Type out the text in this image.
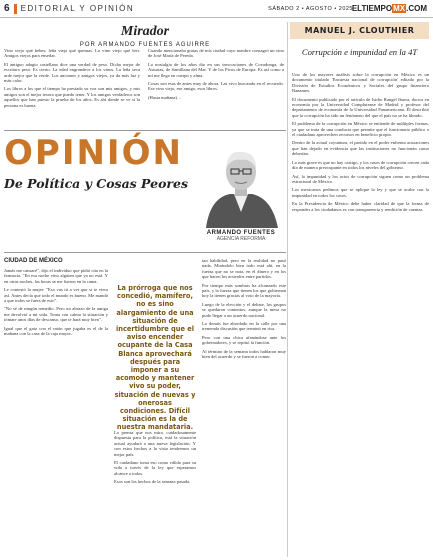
6 EDITORIAL Y OPINIÓN	SÁBADO 2 • AGOSTO • 2025
ELTIEMPOMX.COM
Mirador
POR ARMANDO FUENTES AGUIRRE

Vino viejo qué bebes; leña vieja qué quemas. Lo vino viejo qué leer. Amigos viejos para ensedar.

El antiguo adagio castellano dice una verdad de peso. Dicho mejor de escritura peso. Es cierto. La edad engrandece a los vinos. La leña seca arde mejor que la verde. Los ancianos y amigos viejos, ya da más luz y más calor.

Los libros a los que el tiempo ha prestado su voz son mis amigos, y mis amigos son el mejor tesoro que puedo tener. Y los amigos verdaderos son aquellos que han puesto la prueba de los años. Es ahí donde se ve si la persona es buena.

Cuando mencionaba gratas de mis ciudad cuyo nombre consagró un vino de José María de Pereda.

La nostalgia de los años dio en sus invocaciones de Covadonga, de Asturias, de Santillana del Mar. Y de los Picos de Europa. Es así como a mí me llega en cuerpo y alma.

Cosas son esas de antes muy de ahora. Las vivo buscando en el recuerdo. Ese vino viejo, ese amigo, esos libros.

(Hasta mañana)…

OPINIÓN
De Política y Cosas Peores
ARMANDO FUENTES
AGENCIA REFORMA
CIUDAD DE MÉXICO

Jamás me cansaré", dijo el individuo que pidió cita en la farmacia. "En esa noche vino alguien que ya no está. Y en otras noches, las horas se me fueron en la cama.

Le contestó la mujer: "Eso vas tú a ver que si te viera así. Antes decía que todo el mundo es bueno. Me mandó a que todos se fuera de esto".

"No sé de ningún remedio. Pero un abrazo de la amiga me devolvió a mi vida. Toma con calma la situación y tómate unos días de descanso, que te hará muy bien".

Igual que el gato con el ratón que jugaba es el de la mañana con la casa de la caja mayor.

La prórroga que nos concedió, mamífero, no es sino alargamiento de una situación de incertidumbre que el aviso encender ocupante de la Casa Blanca aprovechará después para imponer a su acomodo y mantener vivo su poder, situación de nuevas y onerosas condiciones. Difícil situación es la de nuestra mandataria.

La prensa que nos mira, cuidadosamente dispuesta para la política, está la situación actual ayudará a una nueva legislación. Y con estos hechos a la vista tendremos un mejor país.

El ciudadano toma eso como válido para su vida a través de la ley que esperamos alcance a todos.

Esos son los hechos de la semana pasada.

tan habilidad, pero en la realidad no pasó nada. Mirándolo bien todo está ahí, en la fuerza que no se nota, en el dinero y en los que hacen los acuerdos entre partidos.

Por tiempo más sombras ha alcanzado este país, y la fuerza que tienen los que gobiernan hoy la tienen gracias al voto de la mayoría.

Luego de la elección y el debate, los grupos se quedaron contentos, aunque la mesa no pudo llegar a un acuerdo nacional.

Lo demás fue abordado en la calle por una tremenda discusión que terminó en risa.

Pero con una chica afanándose ante los gobernadores, y se repitió la función.

Al término de la semana todos hablaron muy bien del acuerdo y se fueron a comer.

MANUEL J. CLOUTHIER
Corrupción e impunidad en la 4T

Uno de los mayores análisis sobre la corrupción en México es un documento titulado 'Encuesta nacional de corrupción' editado por la División de Estudios Económicos y Sociales del grupo financiero Banamex.

El documento publicado por el artículo de Isidro Rangel Ibarra, doctor en economía por la Universidad Complutense de Madrid y profesor del departamento de economía de la Universidad Panamericana. Él describió que la corrupción ha sido un fenómeno del que el país no se ha librado.

El problema de la corrupción en México se entiende de múltiples formas, ya que se trata de una conducta que permite que el funcionario público o el ciudadano aprovechen recursos en beneficio propio.

Dentro de la actual coyuntura, el partido en el poder enfrenta acusaciones que han dejado en evidencia que las instituciones no funcionan como deberían.

Lo más grave es que no hay castigo, y los casos de corrupción crecen cada día de manera preocupante en todos los niveles del gobierno.

Así, la impunidad y los actos de corrupción siguen como un problema estructural de México.

Los mexicanos pedimos que se aplique la ley y que se acabe con la impunidad en todos los casos.

En la Presidencia de México debe haber claridad de que la forma de responder a los ciudadanos es con transparencia y rendición de cuentas.
